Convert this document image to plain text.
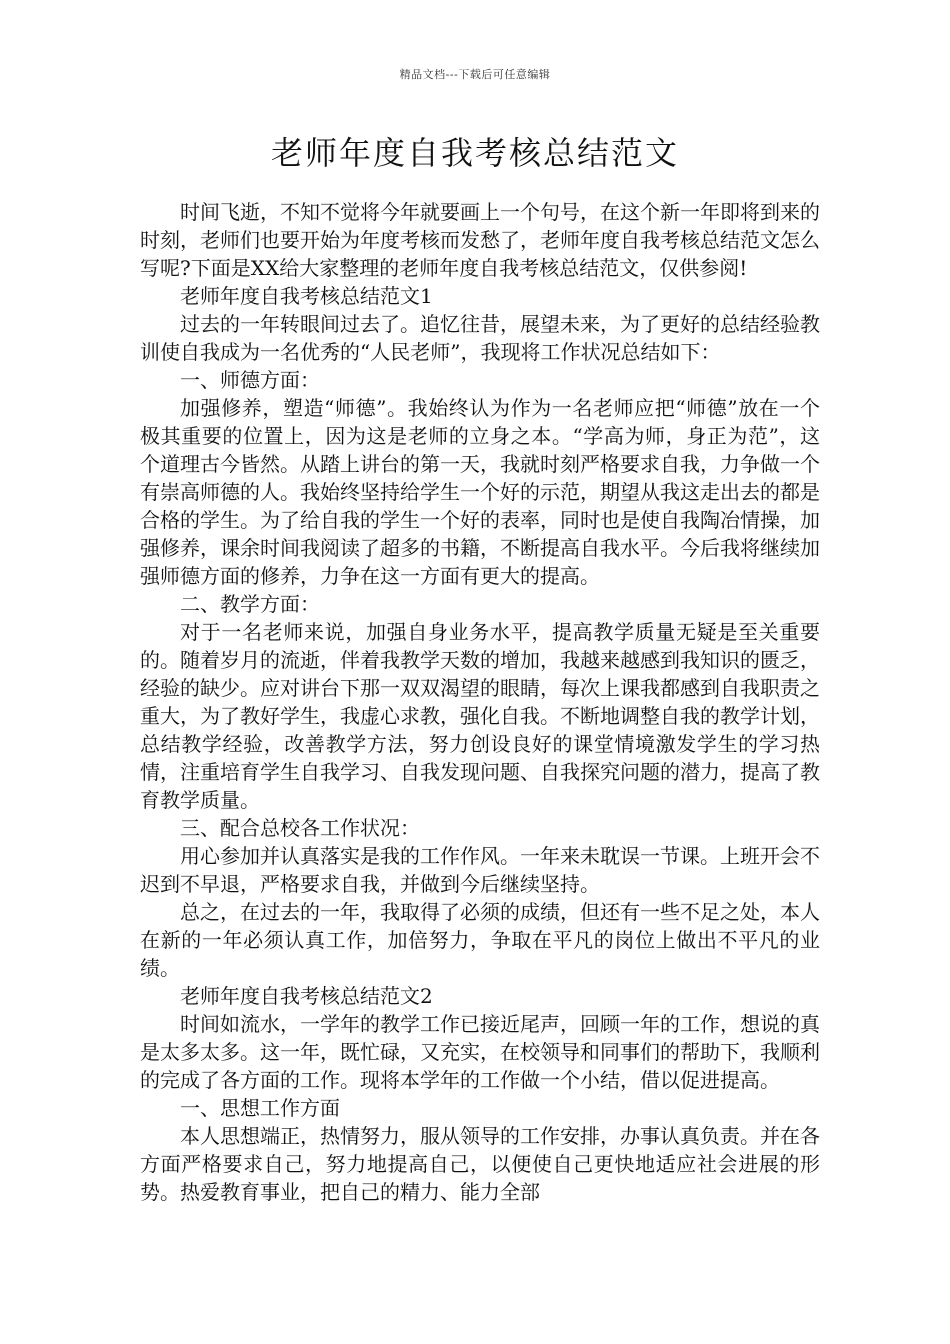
精品文档---下载后可任意编辑
老师年度自我考核总结范文

时间飞逝，不知不觉将今年就要画上一个句号，在这个新一年即将到来的时刻，老师们也要开始为年度考核而发愁了，老师年度自我考核总结范文怎么写呢?下面是XX给大家整理的老师年度自我考核总结范文，仅供参阅!

老师年度自我考核总结范文1

过去的一年转眼间过去了。追忆往昔，展望未来，为了更好的总结经验教训使自我成为一名优秀的“人民老师”，我现将工作状况总结如下：

一、师德方面：

加强修养，塑造“师德”。我始终认为作为一名老师应把“师德”放在一个极其重要的位置上，因为这是老师的立身之本。“学高为师，身正为范”，这个道理古今皆然。从踏上讲台的第一天，我就时刻严格要求自我，力争做一个有崇高师德的人。我始终坚持给学生一个好的示范，期望从我这走出去的都是合格的学生。为了给自我的学生一个好的表率，同时也是使自我陶冶情操，加强修养，课余时间我阅读了超多的书籍，不断提高自我水平。今后我将继续加强师德方面的修养，力争在这一方面有更大的提高。

二、教学方面：

对于一名老师来说，加强自身业务水平，提高教学质量无疑是至关重要的。随着岁月的流逝，伴着我教学天数的增加，我越来越感到我知识的匮乏，经验的缺少。应对讲台下那一双双渴望的眼睛，每次上课我都感到自我职责之重大，为了教好学生，我虚心求教，强化自我。不断地调整自我的教学计划，总结教学经验，改善教学方法，努力创设良好的课堂情境激发学生的学习热情，注重培育学生自我学习、自我发现问题、自我探究问题的潜力，提高了教育教学质量。

三、配合总校各工作状况：

用心参加并认真落实是我的工作作风。一年来未耽误一节课。上班开会不迟到不早退，严格要求自我，并做到今后继续坚持。

总之，在过去的一年，我取得了必须的成绩，但还有一些不足之处，本人在新的一年必须认真工作，加倍努力，争取在平凡的岗位上做出不平凡的业绩。

老师年度自我考核总结范文2

时间如流水，一学年的教学工作已接近尾声，回顾一年的工作，想说的真是太多太多。这一年，既忙碌，又充实，在校领导和同事们的帮助下，我顺利的完成了各方面的工作。现将本学年的工作做一个小结，借以促进提高。

一、思想工作方面

本人思想端正，热情努力，服从领导的工作安排，办事认真负责。并在各方面严格要求自己，努力地提高自己，以便使自己更快地适应社会进展的形势。热爱教育事业，把自己的精力、能力全部
